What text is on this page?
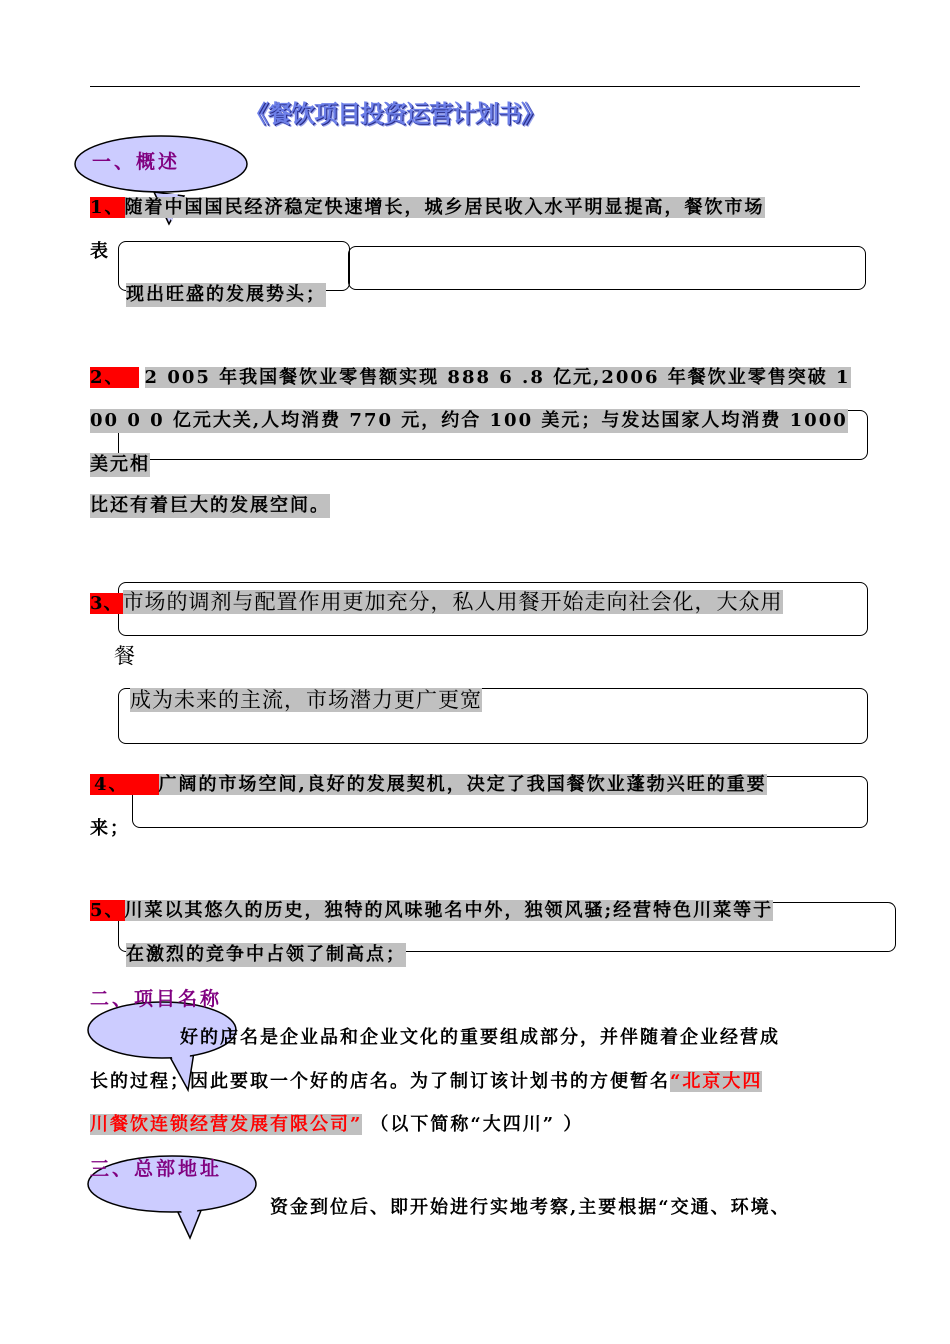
《餐饮项目投资运营计划书》
一、概述
1、随着中国国民经济稳定快速增长，城乡居民收入水平明显提高，餐饮市场
表
现出旺盛的发展势头；
2、 2 005 年我国餐饮业零售额实现 888 6 .8 亿元,2006 年餐饮业零售突破 1
00 0 0 亿元大关,人均消费 770 元，约合 100 美元；与发达国家人均消费 1000
美元相
比还有着巨大的发展空间。
3、市场的调剂与配置作用更加充分，私人用餐开始走向社会化，大众用
餐
成为未来的主流，市场潜力更广更宽
4、 广阔的市场空间,良好的发展契机，决定了我国餐饮业蓬勃兴旺的重要
来；
5、川菜以其悠久的历史，独特的风味驰名中外，独领风骚;经营特色川菜等于
在激烈的竞争中占领了制高点；
二、项目名称
好的店名是企业品和企业文化的重要组成部分，并伴随着企业经营成
长的过程；因此要取一个好的店名。为了制订该计划书的方便暂名“北京大四
川餐饮连锁经营发展有限公司” （以下简称“大四川” ）
三、总部地址
资金到位后、即开始进行实地考察,主要根据“交通、环境、
